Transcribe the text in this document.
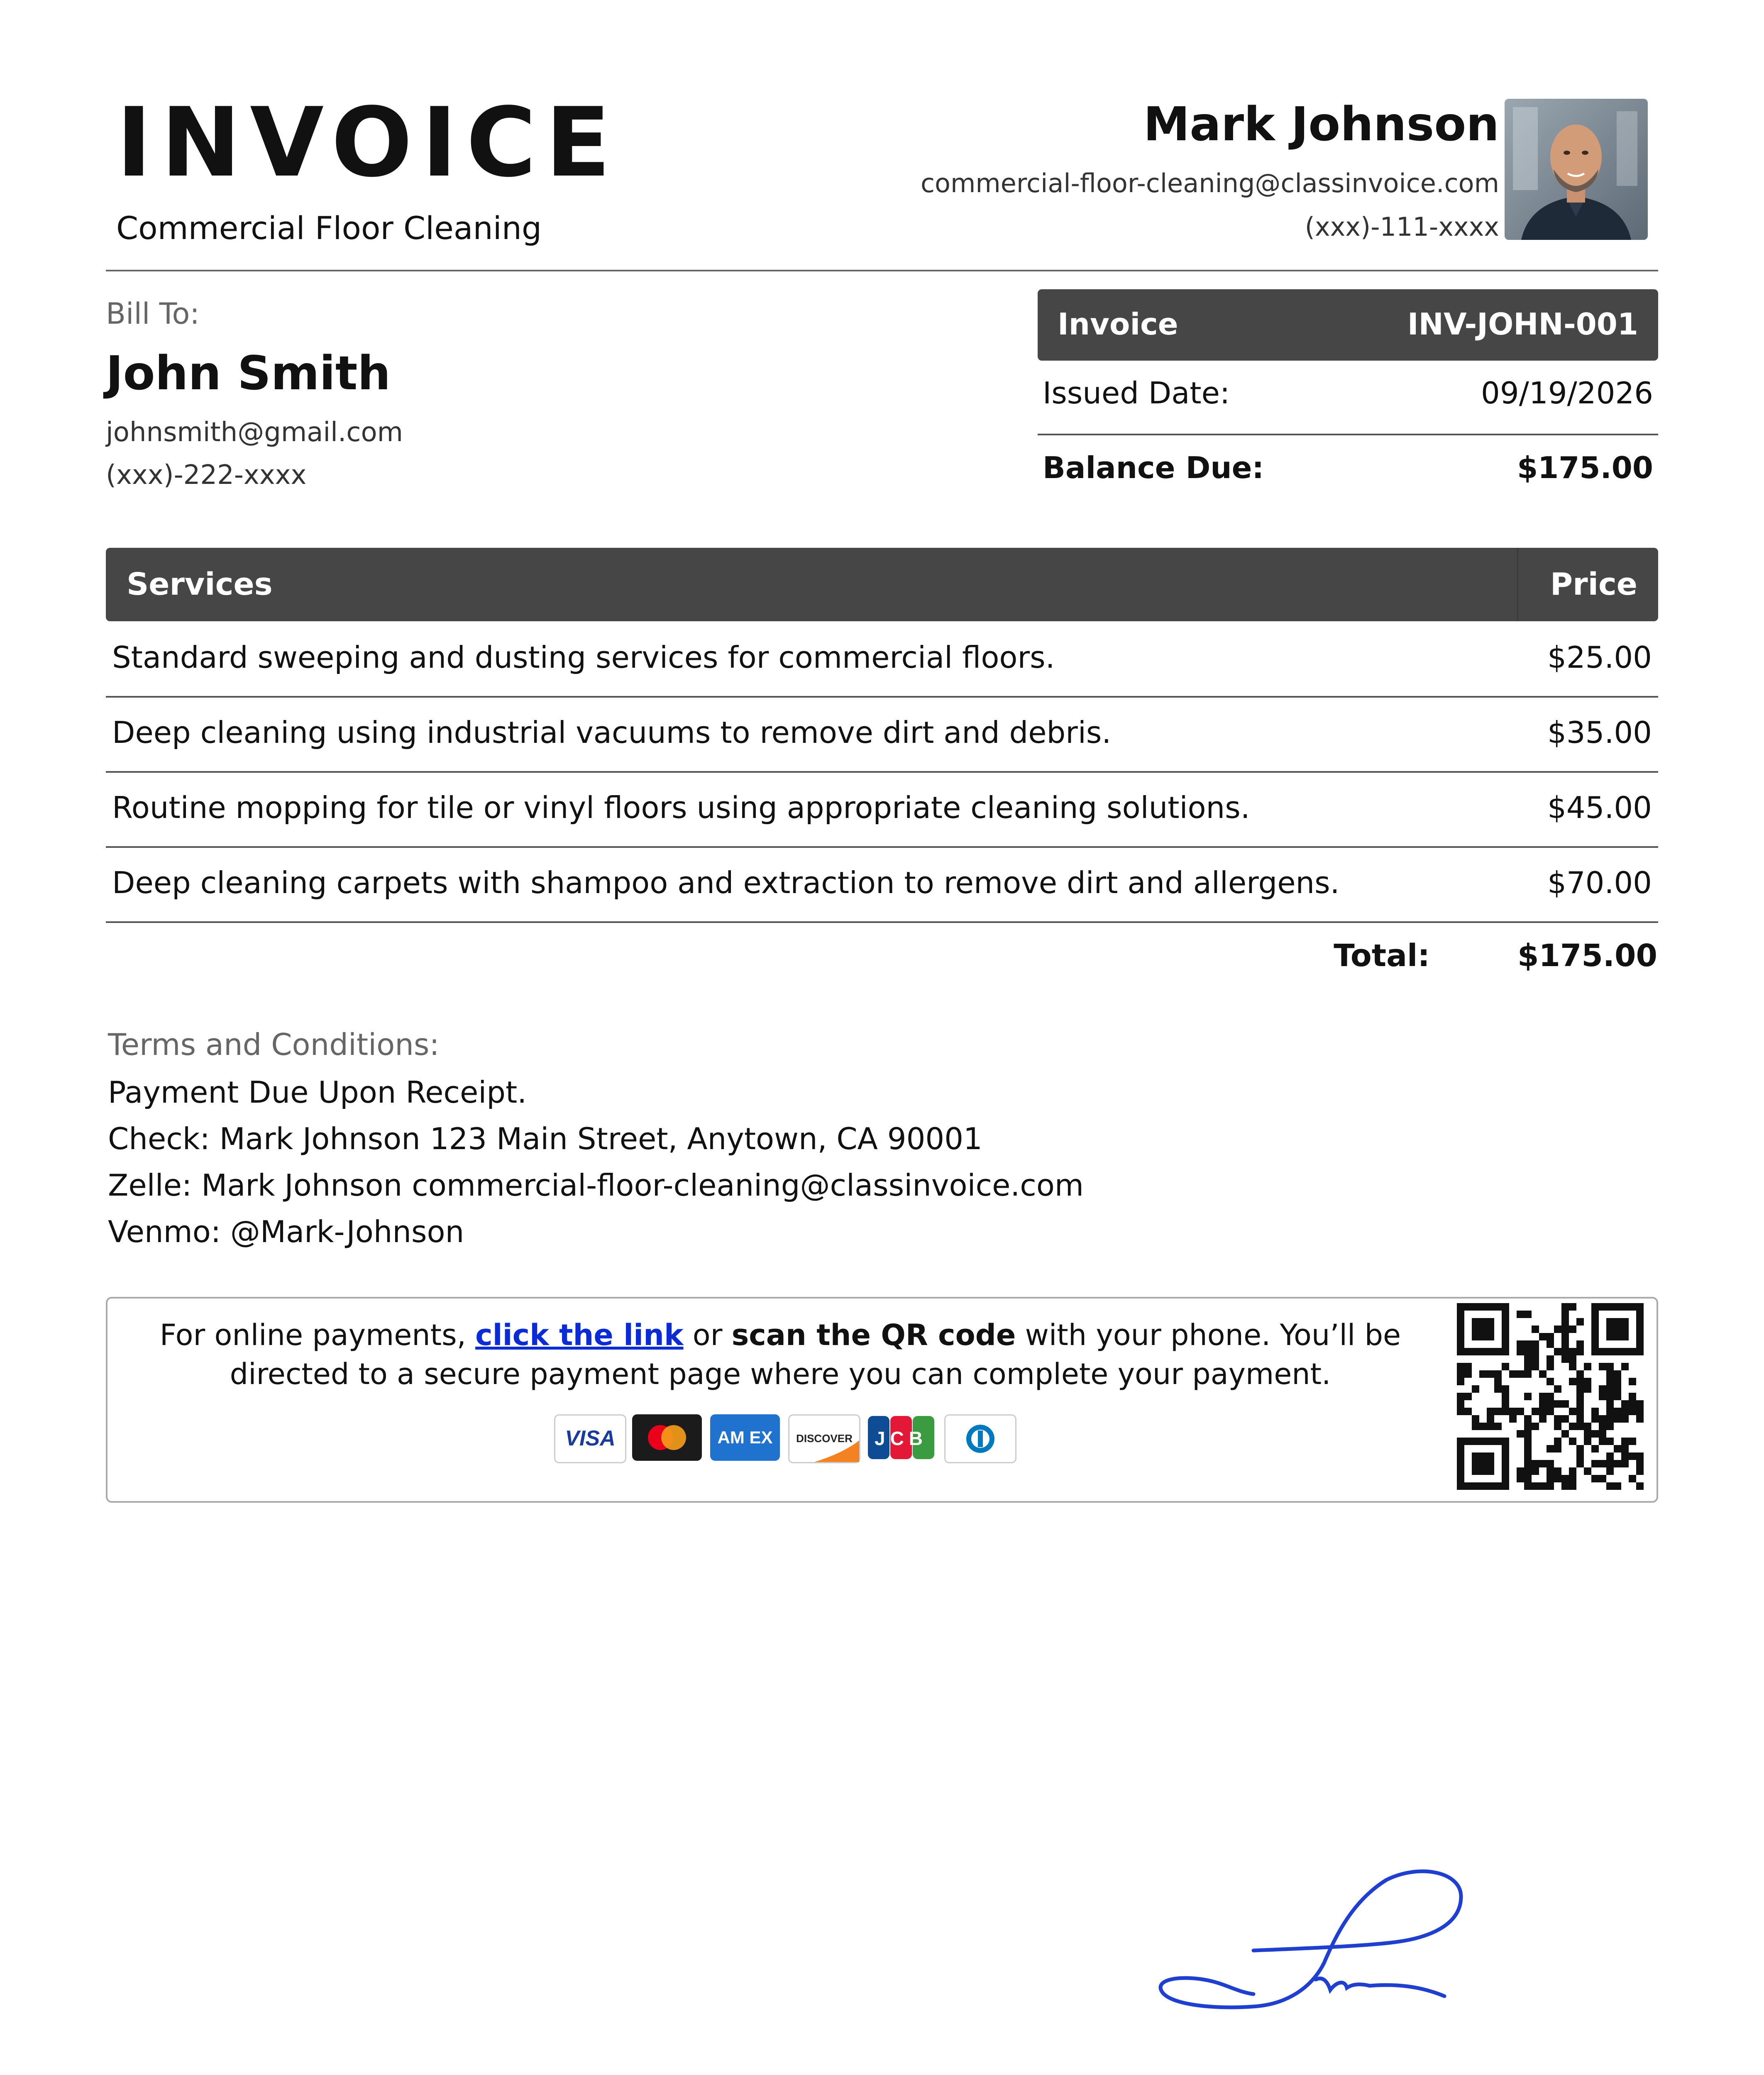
INVOICE
Commercial Floor Cleaning
Mark Johnson
commercial-floor-cleaning@classinvoice.com
(xxx)-111-xxxx
Bill To:
John Smith
johnsmith@gmail.com
(xxx)-222-xxxx
Invoice	INV-JOHN-001
Issued Date:	09/19/2026
Balance Due:	$175.00
Services	Price
Standard sweeping and dusting services for commercial floors.	$25.00
Deep cleaning using industrial vacuums to remove dirt and debris.	$35.00
Routine mopping for tile or vinyl floors using appropriate cleaning solutions.	$45.00
Deep cleaning carpets with shampoo and extraction to remove dirt and allergens.	$70.00
Total:	$175.00
Terms and Conditions:
Payment Due Upon Receipt.
Check: Mark Johnson 123 Main Street, Anytown, CA 90001
Zelle: Mark Johnson commercial-floor-cleaning@classinvoice.com
Venmo: @Mark-Johnson
For online payments, click the link or scan the QR code with your phone. You’ll be directed to a secure payment page where you can complete your payment.
VISA	AM EX DISCOVER JCB
